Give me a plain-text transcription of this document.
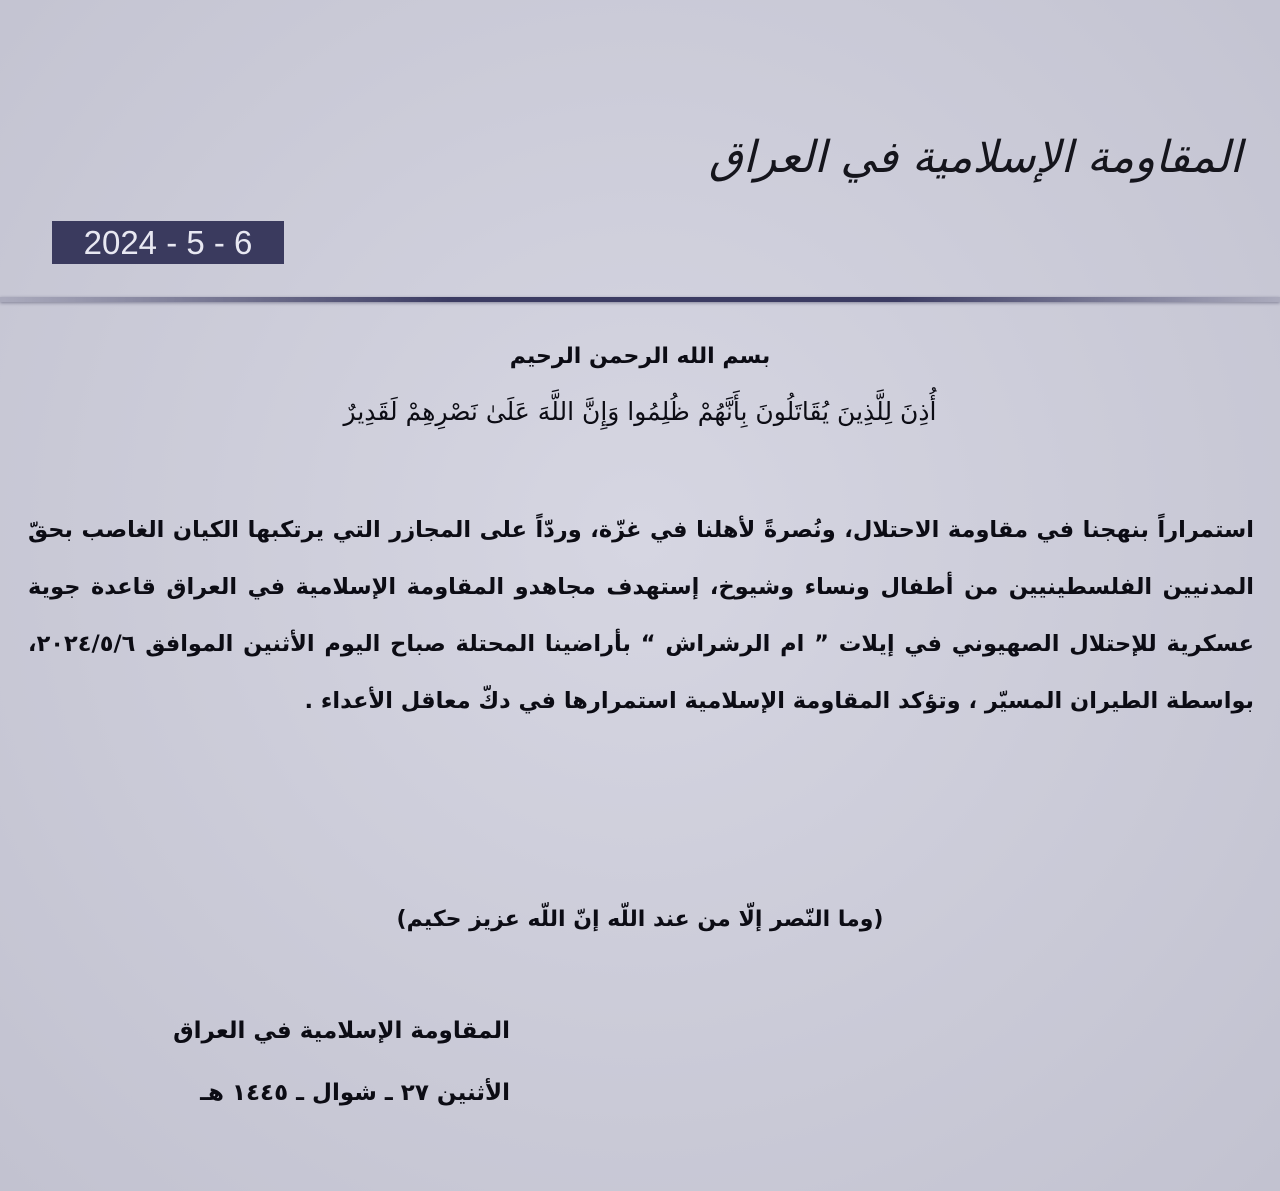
المقاومة الإسلامية في العراق
2024 - 5 - 6
بسم الله الرحمن الرحيم
أُذِنَ لِلَّذِينَ يُقَاتَلُونَ بِأَنَّهُمْ ظُلِمُوا وَإِنَّ اللَّهَ عَلَىٰ نَصْرِهِمْ لَقَدِيرٌ
استمراراً بنهجنا في مقاومة الاحتلال، ونُصرةً لأهلنا في غزّة، وردّاً على المجازر التي يرتكبها الكيان الغاصب بحقّ المدنيين الفلسطينيين من أطفال ونساء وشيوخ، إستهدف مجاهدو المقاومة الإسلامية في العراق قاعدة جوية عسكرية للإحتلال الصهيوني في إيلات ” ام الرشراش “ بأراضينا المحتلة صباح اليوم الأثنين الموافق ٢٠٢٤/٥/٦، بواسطة الطيران المسيّر ، وتؤكد المقاومة الإسلامية استمرارها في دكّ معاقل الأعداء .
(وما النّصر إلّا من عند اللّه إنّ اللّه عزيز حكيم)
المقاومة الإسلامية في العراق
الأثنين ٢٧ ـ شوال ـ ١٤٤٥ هـ
